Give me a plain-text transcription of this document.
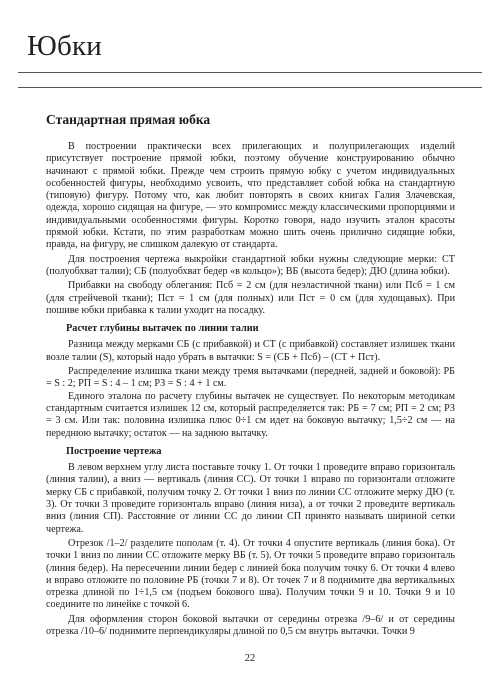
Юбки
Стандартная прямая юбка

В построении практически всех прилегающих и полуприлегающих изделий присутствует построение прямой юбки, поэтому обучение конструированию обычно начинают с прямой юбки. Прежде чем строить прямую юбку с учетом индивидуальных особенностей фигуры, необходимо усвоить, что представляет собой юбка на стандартную (типовую) фигуру. Потому что, как любит повторять в своих книгах Галия Злачевская, одежда, хорошо сидящая на фигуре, — это компромисс между классическими пропорциями и индивидуальными особенностями фигуры. Коротко говоря, надо изучить эталон красоты прямой юбки. Кстати, по этим разработкам можно шить очень прилично сидящие юбки, правда, на фигуру, не слишком далекую от стандарта.

Для построения чертежа выкройки стандартной юбки нужны следующие мерки: СТ (полуобхват талии); СБ (полуобхват бедер «в кольцо»); ВБ (высота бедер); ДЮ (длина юбки).

Прибавки на свободу облегания: Псб = 2 см (для нeэластичной ткани) или Псб = 1 см (для стрейчевой ткани); Пст = 1 см (для полных) или Пст = 0 см (для худощавых). При пошиве юбки прибавка к талии уходит на посадку.

Расчет глубины вытачек по линии талии

Разница между мерками СБ (с прибавкой) и СТ (с прибавкой) составляет излишек ткани возле талии (S), который надо убрать в вытачки: S = (СБ + Псб) – (СТ + Пст).

Распределение излишка ткани между тремя вытачками (передней, задней и боковой): РБ = S : 2; РП = S : 4 – 1 см; РЗ = S : 4 + 1 см.

Единого эталона по расчету глубины вытачек не существует. По некоторым методикам стандартным считается излишек 12 см, который распределяется так: РБ = 7 см; РП = 2 см; РЗ = 3 см. Или так: половина излишка плюс 0÷1 см идет на боковую вытачку; 1,5÷2 см — на переднюю вытачку; остаток — на заднюю вытачку.

Построение чертежа

В левом верхнем углу листа поставьте точку 1. От точки 1 проведите вправо горизонталь (линия талии), а вниз — вертикаль (линия СС). От точки 1 вправо по горизонтали отложите мерку СБ с прибавкой, получим точку 2. От точки 1 вниз по линии СС отложите мерку ДЮ (т. 3). От точки 3 проведите горизонталь вправо (линия низа), а от точки 2 проведите вертикаль вниз (линия СП). Расстояние от линии СС до линии СП принято называть шириной сетки чертежа.

Отрезок /1–2/ разделите пополам (т. 4). От точки 4 опустите вертикаль (линия бока). От точки 1 вниз по линии СС отложите мерку ВБ (т. 5). От точки 5 проведите вправо горизонталь (линия бедер). На пересечении линии бедер с линией бока получим точку 6. От точки 4 влево и вправо отложите по половине РБ (точки 7 и 8). От точек 7 и 8 поднимите два вертикальных отрезка длиной по 1÷1,5 см (подъем бокового шва). Получим точки 9 и 10. Точки 9 и 10 соедините по линейке с точкой 6.

Для оформления сторон боковой вытачки от середины отрезка /9–6/ и от середины отрезка /10–6/ поднимите перпендикуляры длиной по 0,5 см внутрь вытачки. Точки 9

22
